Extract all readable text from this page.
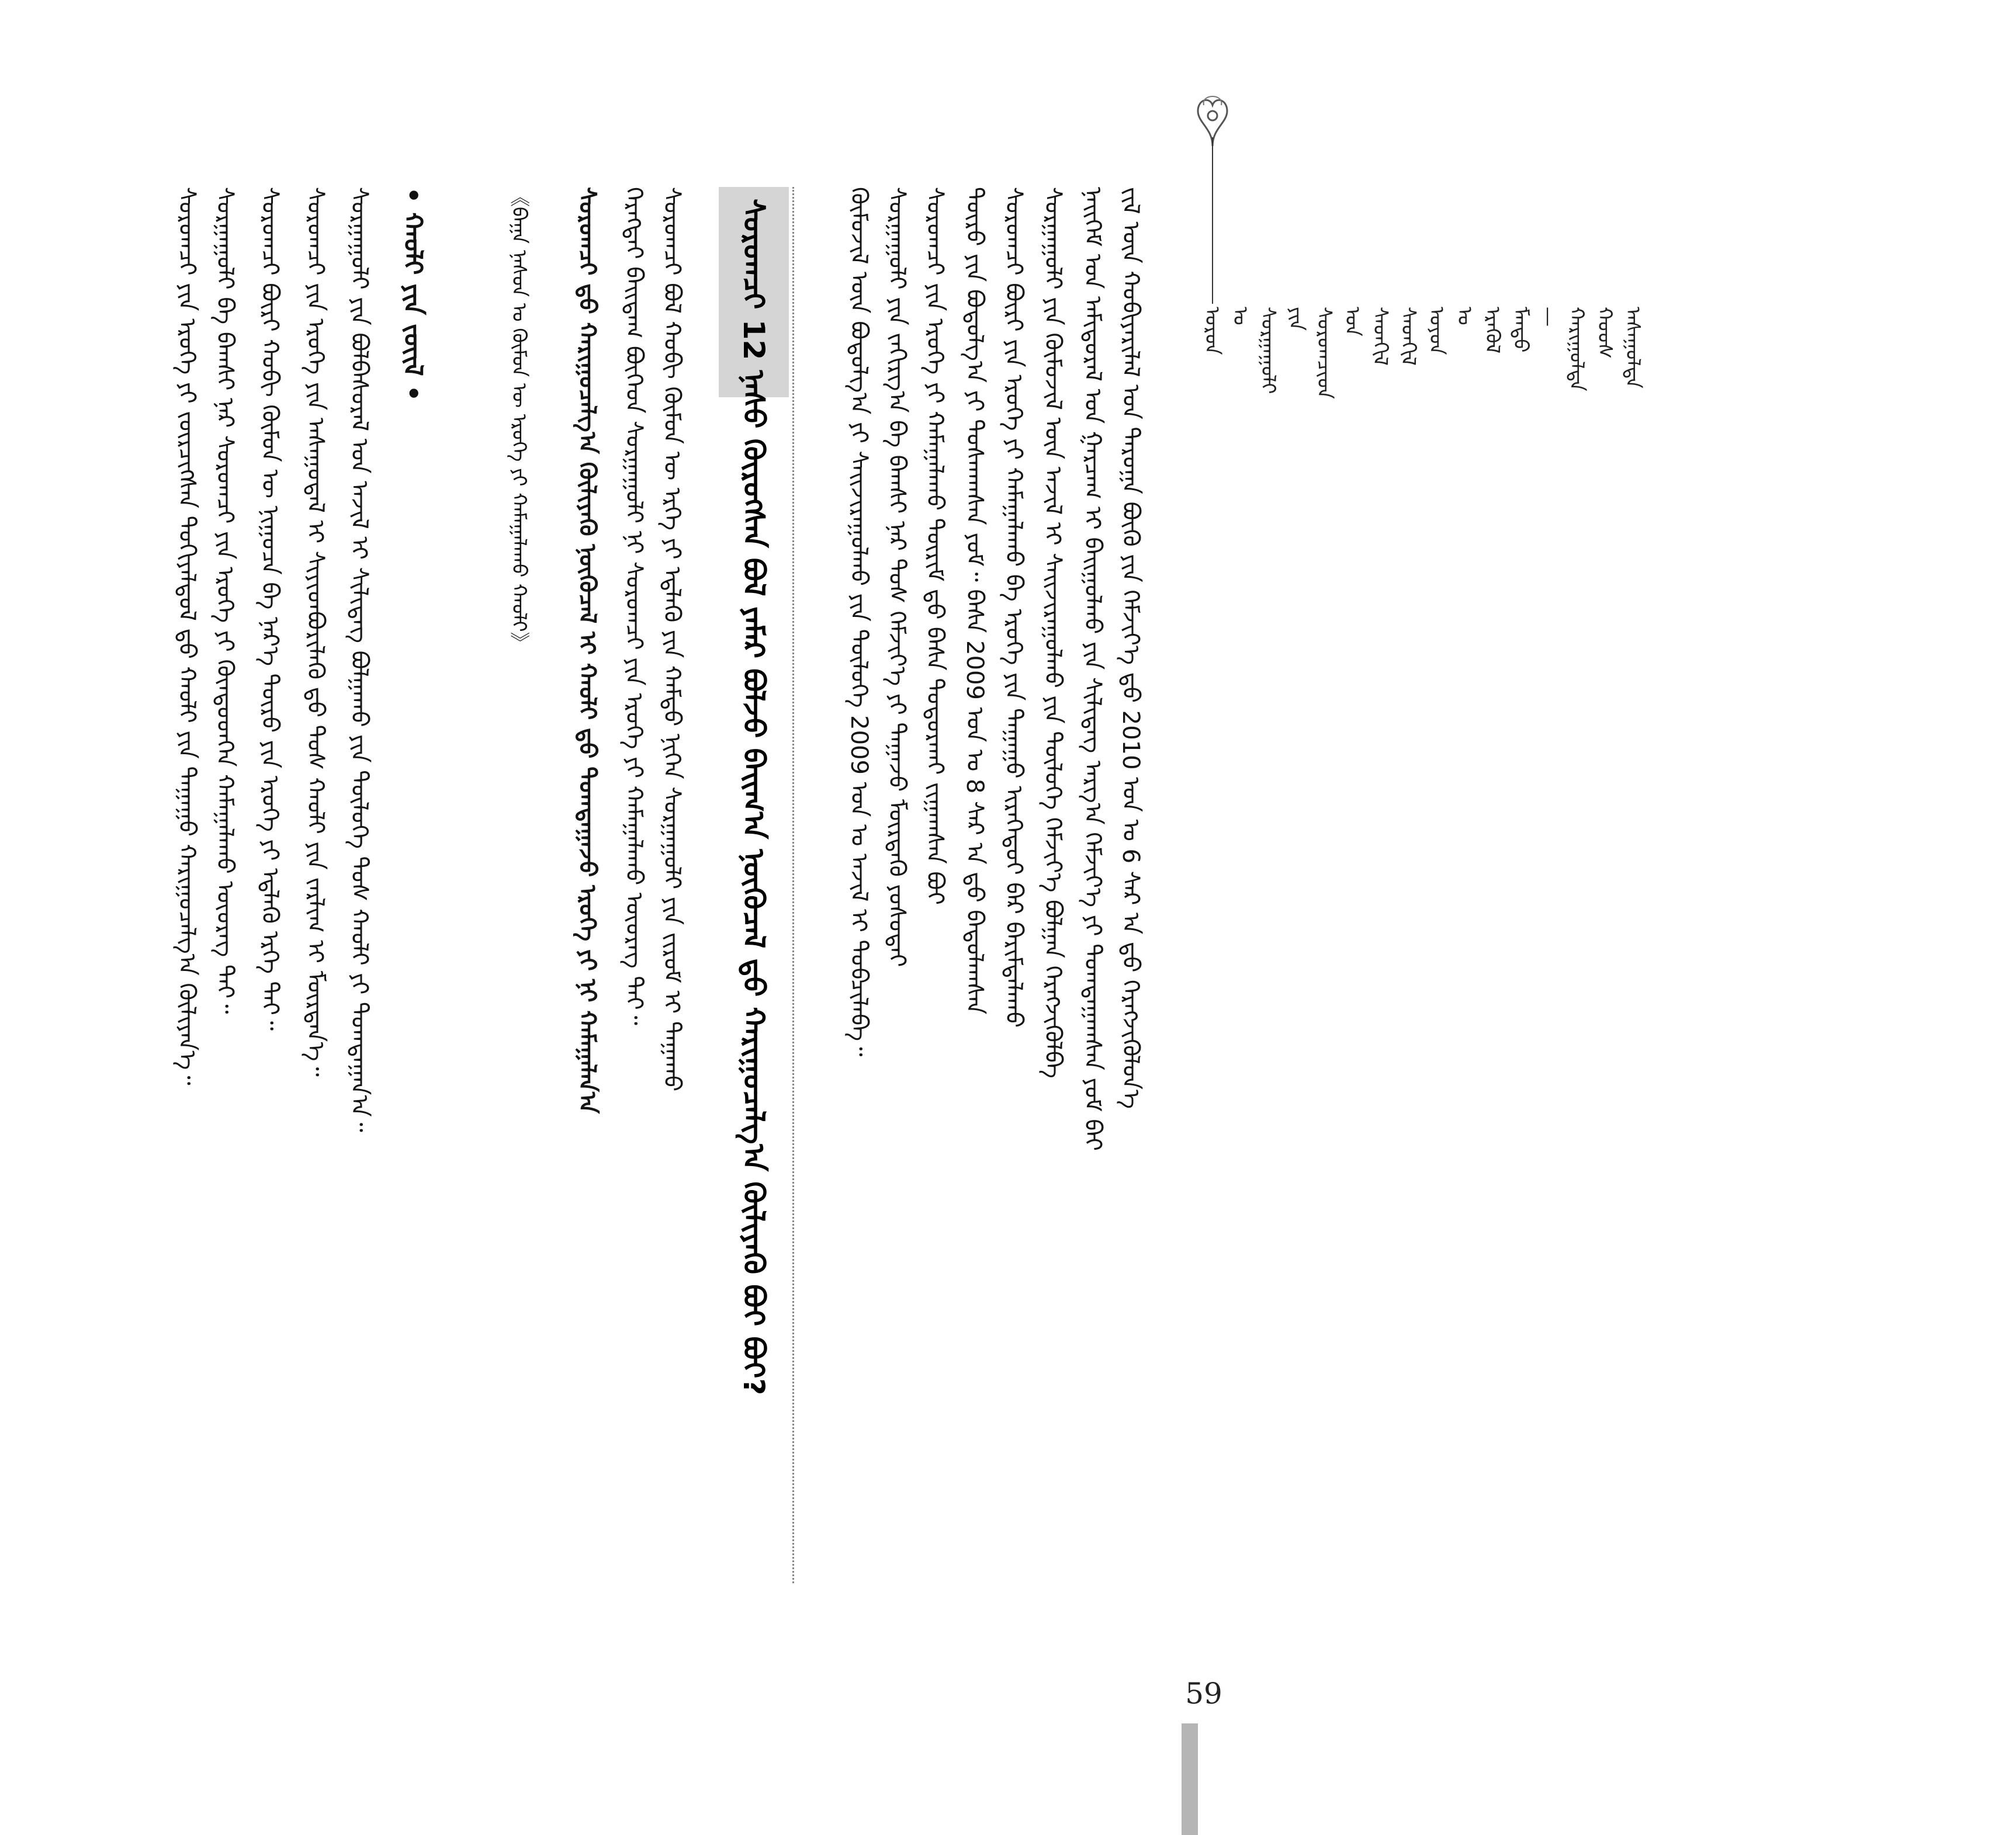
ᠤᠷᠤᠨ ᠤ ᠰᠤᠷᠭᠠᠭᠤᠯᠢ ᠶᠢᠨ ᠰᠤᠷᠤᠭᠴᠢᠳ ᠤᠨ ᠰᠡᠳᠭᠢᠯ ᠰᠡᠳᠬᠢᠯ ᠣᠶᠤᠨ ᠤ ᠡᠷᠡᠭᠦᠯ ᠮᠡᠨᠳᠦ — ᠬᠠᠷᠢᠭᠤᠯᠲᠠ ᠬᠣᠣᠰ ᠠᠰᠠᠭᠤᠯᠲᠠ
ᠵᠢᠯ ᠦᠨ ᠬᠤᠪᠢᠶᠠᠷᠢᠯᠠᠯ ᠤᠨ ᠳᠠᠷᠤᠭᠠ ᠪᠦᠬᠦ ᠶᠢᠨ ᠬᠡᠮᠵᠢᠶ᠎ᠡ ᠳ᠋ᠦ 2010 ᠣᠨ ᠤ 6 ᠰᠠᠷ ᠠ ᠳ᠋ᠤ ᠬᠡᠷᠡᠭᠵᠢᠭᠦᠯᠦᠨ᠎ᠡ
ᠨᠡᠢᠭᠡᠮ ᠤᠨ ᠠᠮᠢᠳᠤᠷᠠᠯ ᠤᠨ ᠭᠠᠷᠴᠠᠭ ᠢ ᠪᠠᠢᠭᠤᠯᠬᠤ ᠶᠢᠨ ᠰᠢᠯᠢᠳᠡᠭ ᠠᠷᠭ᠎ᠠ ᠬᠡᠮᠵᠢᠶ᠎ᠡ ᠶᠢ ᠲᠣᠭᠲᠠᠭᠠᠭᠰᠠᠨ ᠶᠤᠮ ᠪᠠᠢ
ᠰᠤᠷᠭᠠᠭᠤᠯᠢ ᠶᠢᠨ ᠬᠦᠮᠦᠵᠢᠯ ᠦᠨ ᠠᠵᠢᠯ ᠢ ᠰᠠᠢᠵᠢᠷᠠᠭᠤᠯᠬᠤ ᠶᠢᠨ ᠲᠥᠯᠦᠭᠡ ᠬᠡᠮᠵᠢᠶ᠎ᠡ ᠪᠣᠯᠭᠠᠨ ᠬᠡᠷᠡᠭᠵᠢᠭᠦᠯᠪᠡ
ᠰᠤᠷᠤᠭᠴᠢ ᠪᠦᠷᠢ ᠶᠢᠨ ᠡᠷᠦᠬᠡ ᠶᠢ ᠬᠠᠮᠠᠭᠠᠯᠠᠬᠤ ᠪᠠ ᠡᠷᠦᠬᠡ ᠶᠢᠨ ᠳᠠᠭᠠᠭᠤ ᠢᠷᠡᠭᠡᠳᠦᠢ ᠪᠡᠷ ᠪᠠᠷᠢᠮᠲᠠᠯᠠᠬᠤ
ᠲᠥᠷᠦ ᠶᠢᠨ ᠪᠣᠳᠣᠯᠭ᠎ᠠ ᠶᠢ ᠲᠤᠰᠬᠠᠭᠰᠠᠨ ᠶᠤᠮ᠃ ᠪᠠᠰᠠ 2009 ᠣᠨ ᠤ 8 ᠰᠠᠷ ᠠ ᠳ᠋ᠤ ᠪᠠᠲᠤᠯᠠᠭᠰᠠᠨ
ᠰᠤᠷᠤᠭᠴᠢ ᠶᠢᠨ ᠡᠷᠦᠬᠡ ᠶᠢ ᠬᠠᠮᠠᠭᠠᠯᠠᠬᠤ ᠳᠦᠷᠢᠮ ᠳ᠋ᠦ ᠪᠠᠰᠠ ᠲᠣᠳᠣᠷᠬᠠᠢ ᠵᠢᠭᠠᠭᠰᠠᠨ ᠪᠣᠢ
ᠰᠤᠷᠭᠠᠭᠤᠯᠢ ᠶᠢᠨ ᠵᠠᠬᠢᠷᠭ᠎ᠠ ᠪᠠ ᠪᠠᠭᠰᠢ ᠨᠠᠷ ᠲᠤᠰ ᠬᠡᠮᠵᠢᠶ᠎ᠡ ᠶᠢ ᠳᠠᠭᠠᠵᠤ ᠮᠥᠷᠳᠡᠬᠦ ᠶᠣᠰᠣᠲᠠᠢ
ᠬᠦᠮᠦᠵᠢᠯ ᠦᠨ ᠪᠣᠳᠣᠯᠭ᠎ᠠ ᠶᠢ ᠰᠠᠢᠵᠢᠷᠠᠭᠤᠯᠬᠤ ᠶᠢᠨ ᠲᠥᠯᠦᠭᠡ 2009 ᠣᠨ ᠤ ᠠᠵᠢᠯ ᠢ ᠲᠣᠪᠴᠢᠯᠠᠪᠠ᠃
ᠰᠤᠷᠤᠭᠴᠢ 12 ᠨᠠᠰᠤ ᠬᠦᠷᠦᠭᠰᠡᠨ ᠪᠣᠯ ᠶᠠᠮᠠᠷ ᠪᠣᠯᠵᠤ ᠪᠠᠢᠭ᠎ᠠ ᠨᠥᠬᠦᠴᠡᠯ ᠳ᠋ᠦ ᠬᠠᠷᠢᠭᠤᠴᠠᠯᠭ᠎ᠠ ᠬᠦᠯᠢᠶᠡᠬᠦ ᠪᠤᠢ ᠪᠤᠢ?
ᠰᠤᠷᠤᠭᠴᠢ ᠪᠣᠯ ᠬᠤᠪᠢ ᠬᠦᠮᠦᠨ ᠦ ᠡᠷᠬᠡ ᠶᠢ ᠡᠳ᠋ᠯᠡᠬᠦ ᠶᠢᠨ ᠬᠠᠮᠲᠤ ᠨᠢᠭᠡᠨ ᠰᠤᠷᠭᠠᠭᠤᠯᠢ ᠶᠢᠨ ᠵᠢᠷᠤᠮ ᠢ ᠳᠠᠭᠠᠬᠤ
ᠬᠡᠷᠡᠭᠲᠡᠢ ᠪᠠᠢᠳᠠᠭ ᠪᠥᠭᠡᠳ ᠰᠤᠷᠭᠠᠭᠤᠯᠢ ᠨᠢ ᠰᠤᠷᠤᠭᠴᠢ ᠶᠢᠨ ᠡᠷᠦᠬᠡ ᠶᠢ ᠬᠠᠮᠠᠭᠠᠯᠠᠬᠤ ᠦᠦᠷᠡᠭ ᠲᠡᠢ᠃
ᠰᠤᠷᠤᠭᠴᠢ ᠳ᠋ᠦ ᠬᠠᠷᠢᠭᠤᠴᠠᠯᠭ᠎ᠠ ᠬᠦᠯᠢᠶᠡᠬᠦ ᠨᠥᠬᠦᠴᠡᠯ ᠢ ᠬᠠᠤᠯᠢ ᠳ᠋ᠦ ᠲᠣᠭᠲᠠᠭᠠᠵᠤ ᠡᠷᠦᠬᠡ ᠶᠢ ᠨᠢ ᠬᠠᠮᠠᠭᠠᠯᠠᠨ᠎ᠠ
《ᠪᠠᠭᠠ ᠨᠠᠰᠤᠨ ᠤ ᠬᠦᠮᠦᠨ ᠦ ᠡᠷᠦᠬᠡ ᠶᠢ ᠬᠠᠮᠠᠭᠠᠯᠠᠬᠤ ᠬᠠᠤᠯᠢ》
• ᠬᠠᠤᠯᠢ ᠶᠢᠨ ᠵᠦᠢᠯ •
ᠰᠤᠷᠭᠠᠭᠤᠯᠢ ᠶᠢᠨ ᠪᠣᠯᠪᠠᠰᠤᠷᠠᠯ ᠤᠨ ᠠᠵᠢᠯ ᠢ ᠰᠢᠯᠢᠳᠡᠭ ᠪᠣᠯᠭᠠᠬᠤ ᠶᠢᠨ ᠲᠥᠯᠦᠭᠡ ᠲᠤᠰ ᠬᠠᠤᠯᠢ ᠶᠢ ᠲᠣᠭᠲᠠᠭᠠᠨ᠎ᠠ᠃
ᠰᠤᠷᠤᠭᠴᠢ ᠶᠢᠨ ᠡᠷᠦᠬᠡ ᠶᠢᠨ ᠠᠰᠠᠭᠤᠳᠠᠯ ᠢ ᠰᠢᠶᠢᠳᠪᠦᠷᠢᠯᠡᠬᠦ ᠳ᠋ᠦ ᠲᠤᠰ ᠬᠠᠤᠯᠢ ᠶᠢᠨ ᠵᠠᠷᠯᠢᠭ ᠢ ᠮᠥᠷᠳᠡᠨ᠎ᠡ᠃
ᠰᠤᠷᠤᠭᠴᠢ ᠪᠦᠷᠢ ᠬᠤᠪᠢ ᠬᠦᠮᠦᠨ ᠦ ᠨᠢᠭᠤᠴᠠ ᠪᠠ ᠨᠡᠷ᠎ᠡ ᠲᠥᠷᠦ ᠶᠢᠨ ᠡᠷᠦᠬᠡ ᠶᠢ ᠡᠳ᠋ᠯᠡᠬᠦ ᠡᠷᠬᠡ ᠲᠡᠢ᠃
ᠰᠤᠷᠭᠠᠭᠤᠯᠢ ᠪᠠ ᠪᠠᠭᠰᠢ ᠨᠠᠷ ᠰᠤᠷᠤᠭᠴᠢ ᠶᠢᠨ ᠡᠷᠦᠬᠡ ᠶᠢ ᠬᠦᠨᠳᠦᠳᠭᠡᠨ ᠬᠠᠮᠠᠭᠠᠯᠠᠬᠤ ᠦᠦᠷᠡᠭ ᠲᠡᠢ᠃
ᠰᠤᠷᠤᠭᠴᠢ ᠶᠢᠨ ᠡᠷᠦᠬᠡ ᠶᠢ ᠵᠦᠷᠴᠢᠭᠰᠡᠨ ᠲᠣᠬᠢᠶᠠᠯᠳᠤᠯ ᠳ᠋ᠦ ᠬᠠᠤᠯᠢ ᠶᠢᠨ ᠳᠠᠭᠠᠭᠤ ᠬᠠᠷᠢᠭᠤᠴᠠᠯᠭ᠎ᠠ ᠬᠦᠯᠢᠶᠡᠨ᠎ᠡ᠃
59
